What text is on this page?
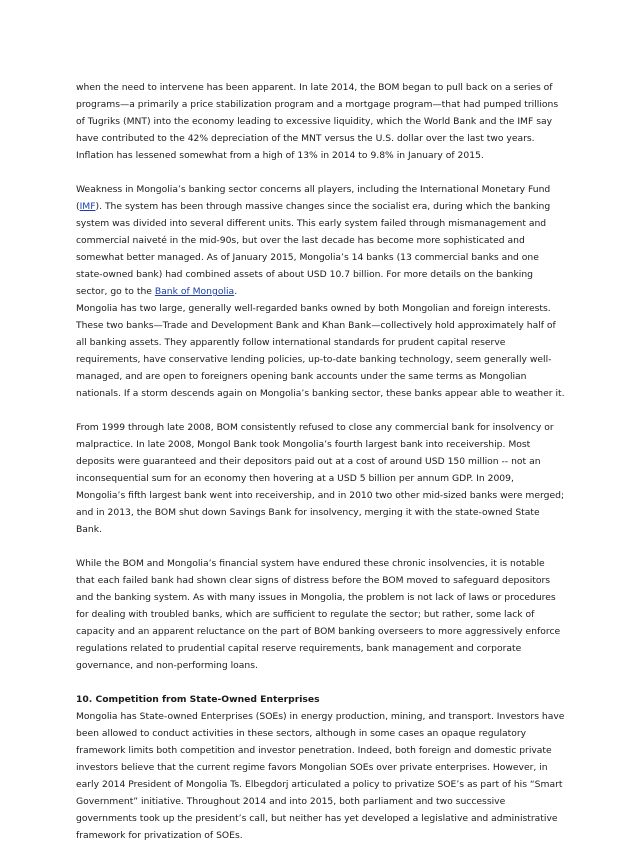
when the need to intervene has been apparent. In late 2014, the BOM began to pull back on a series of programs—a primarily a price stabilization program and a mortgage program—that had pumped trillions of Tugriks (MNT) into the economy leading to excessive liquidity, which the World Bank and the IMF say have contributed to the 42% depreciation of the MNT versus the U.S. dollar over the last two years. Inflation has lessened somewhat from a high of 13% in 2014 to 9.8% in January of 2015.

Weakness in Mongolia’s banking sector concerns all players, including the International Monetary Fund (IMF). The system has been through massive changes since the socialist era, during which the banking system was divided into several different units. This early system failed through mismanagement and commercial naiveté in the mid-90s, but over the last decade has become more sophisticated and somewhat better managed. As of January 2015, Mongolia’s 14 banks (13 commercial banks and one state-owned bank) had combined assets of about USD 10.7 billion. For more details on the banking sector, go to the Bank of Mongolia.

Mongolia has two large, generally well-regarded banks owned by both Mongolian and foreign interests. These two banks—Trade and Development Bank and Khan Bank—collectively hold approximately half of all banking assets. They apparently follow international standards for prudent capital reserve requirements, have conservative lending policies, up-to-date banking technology, seem generally well-managed, and are open to foreigners opening bank accounts under the same terms as Mongolian nationals. If a storm descends again on Mongolia’s banking sector, these banks appear able to weather it.

From 1999 through late 2008, BOM consistently refused to close any commercial bank for insolvency or malpractice. In late 2008, Mongol Bank took Mongolia’s fourth largest bank into receivership. Most deposits were guaranteed and their depositors paid out at a cost of around USD 150 million -- not an inconsequential sum for an economy then hovering at a USD 5 billion per annum GDP. In 2009, Mongolia’s fifth largest bank went into receivership, and in 2010 two other mid-sized banks were merged; and in 2013, the BOM shut down Savings Bank for insolvency, merging it with the state-owned State Bank.

While the BOM and Mongolia’s financial system have endured these chronic insolvencies, it is notable that each failed bank had shown clear signs of distress before the BOM moved to safeguard depositors and the banking system. As with many issues in Mongolia, the problem is not lack of laws or procedures for dealing with troubled banks, which are sufficient to regulate the sector; but rather, some lack of capacity and an apparent reluctance on the part of BOM banking overseers to more aggressively enforce regulations related to prudential capital reserve requirements, bank management and corporate governance, and non-performing loans.

10. Competition from State-Owned Enterprises

Mongolia has State-owned Enterprises (SOEs) in energy production, mining, and transport. Investors have been allowed to conduct activities in these sectors, although in some cases an opaque regulatory framework limits both competition and investor penetration. Indeed, both foreign and domestic private investors believe that the current regime favors Mongolian SOEs over private enterprises. However, in early 2014 President of Mongolia Ts. Elbegdorj articulated a policy to privatize SOE’s as part of his “Smart Government” initiative. Throughout 2014 and into 2015, both parliament and two successive governments took up the president’s call, but neither has yet developed a legislative and administrative framework for privatization of SOEs.
